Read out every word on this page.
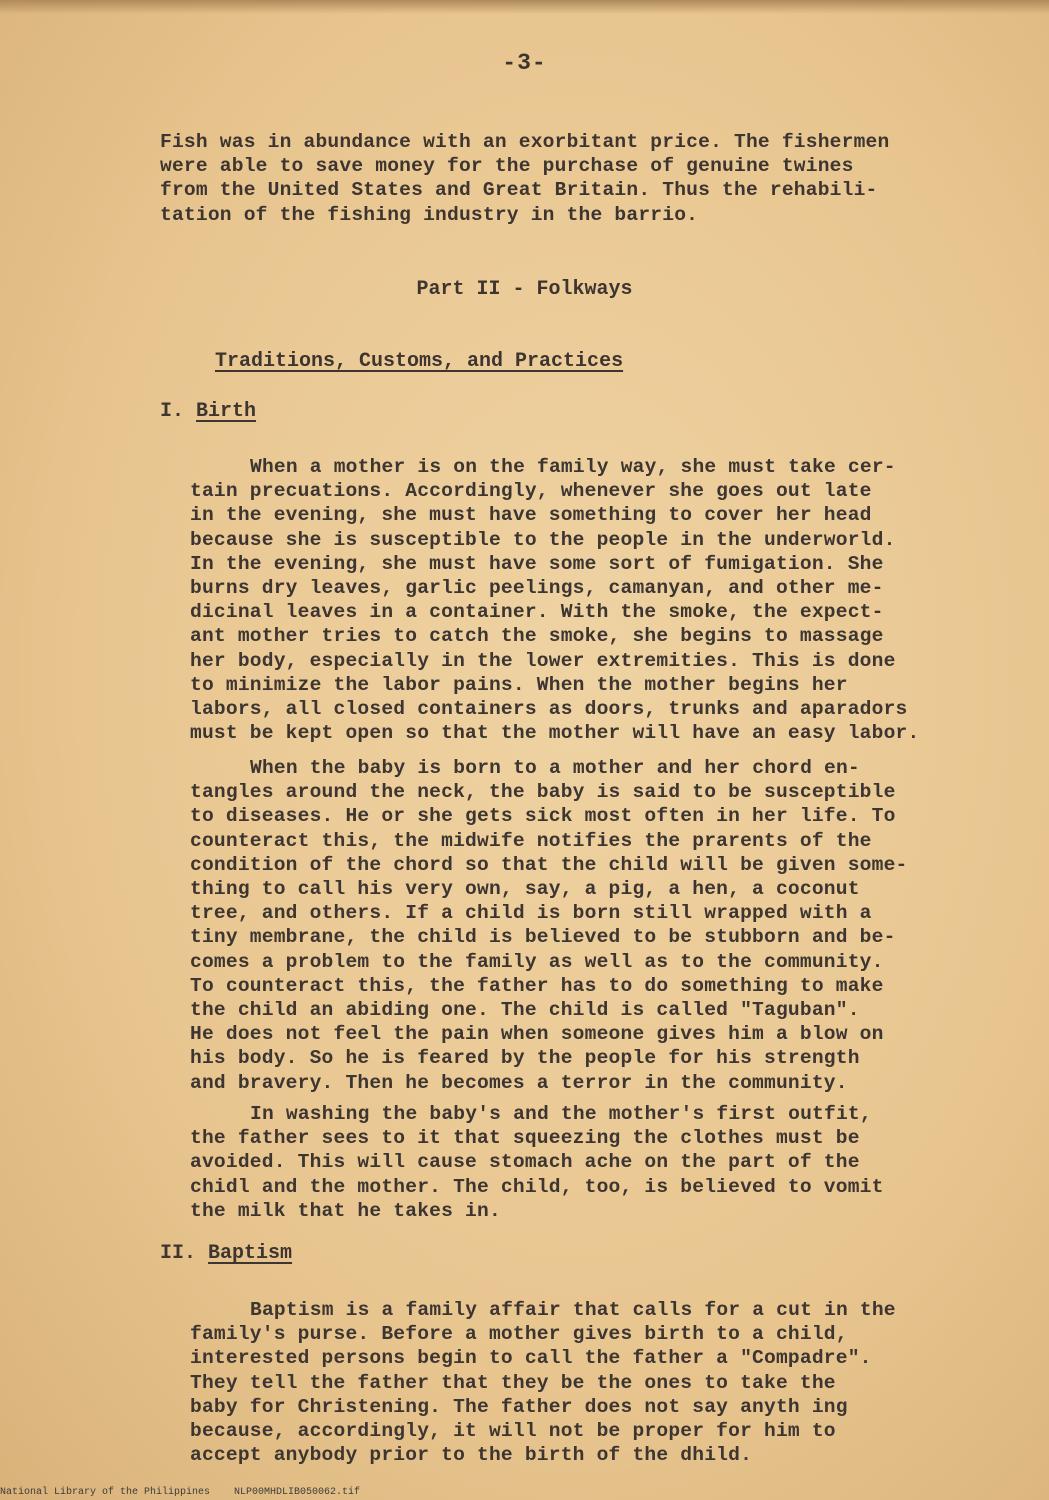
-3-

Fish was in abundance with an exorbitant price. The fishermen
were able to save money for the purchase of genuine twines
from the United States and Great Britain. Thus the rehabili-
tation of the fishing industry in the barrio.

Part II - Folkways
Traditions, Customs, and Practices
I. Birth

When a mother is on the family way, she must take cer-
tain precuations. Accordingly, whenever she goes out late
in the evening, she must have something to cover her head
because she is susceptible to the people in the underworld.
In the evening, she must have some sort of fumigation. She
burns dry leaves, garlic peelings, camanyan, and other me-
dicinal leaves in a container. With the smoke, the expect-
ant mother tries to catch the smoke, she begins to massage
her body, especially in the lower extremities. This is done
to minimize the labor pains. When the mother begins her
labors, all closed containers as doors, trunks and aparadors
must be kept open so that the mother will have an easy labor.

When the baby is born to a mother and her chord en-
tangles around the neck, the baby is said to be susceptible
to diseases. He or she gets sick most often in her life. To
counteract this, the midwife notifies the prarents of the
condition of the chord so that the child will be given some-
thing to call his very own, say, a pig, a hen, a coconut
tree, and others. If a child is born still wrapped with a
tiny membrane, the child is believed to be stubborn and be-
comes a problem to the family as well as to the community.
To counteract this, the father has to do something to make
the child an abiding one. The child is called "Taguban".
He does not feel the pain when someone gives him a blow on
his body. So he is feared by the people for his strength
and bravery. Then he becomes a terror in the community.

In washing the baby's and the mother's first outfit,
the father sees to it that squeezing the clothes must be
avoided. This will cause stomach ache on the part of the
chidl and the mother. The child, too, is believed to vomit
the milk that he takes in.

II. Baptism

Baptism is a family affair that calls for a cut in the
family's purse. Before a mother gives birth to a child,
interested persons begin to call the father a "Compadre".
They tell the father that they be the ones to take the
baby for Christening. The father does not say anyth ing
because, accordingly, it will not be proper for him to
accept anybody prior to the birth of the dhild.

National Library of the Philippines    NLP00MHDLIB050062.tif
